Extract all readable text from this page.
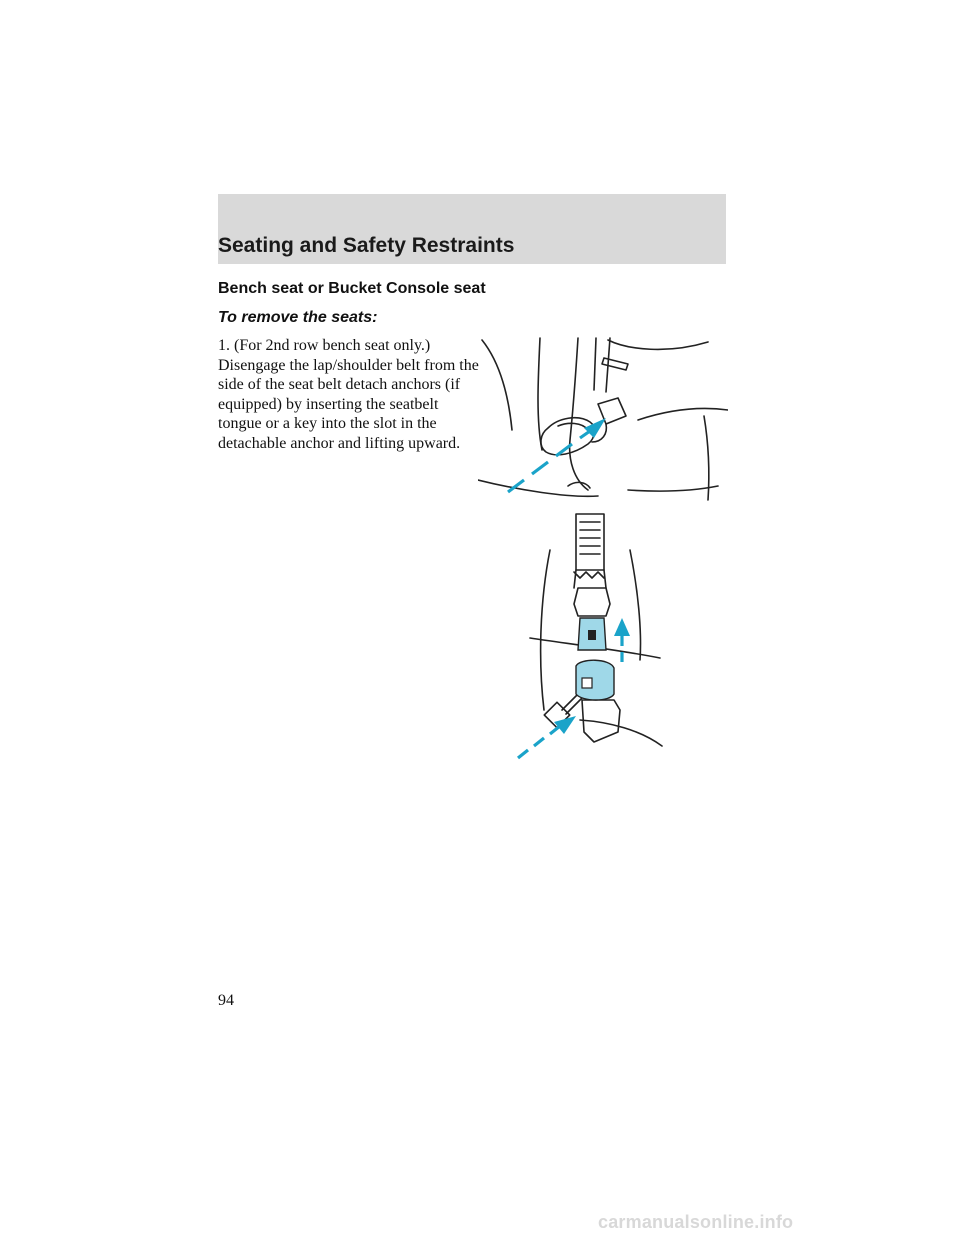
Seating and Safety Restraints
Bench seat or Bucket Console seat
To remove the seats:

1. (For 2nd row bench seat only.) Disengage the lap/shoulder belt from the side of the seat belt detach anchors (if equipped) by inserting the seatbelt tongue or a key into the slot in the detachable anchor and lifting upward.

94
carmanualsonline.info
